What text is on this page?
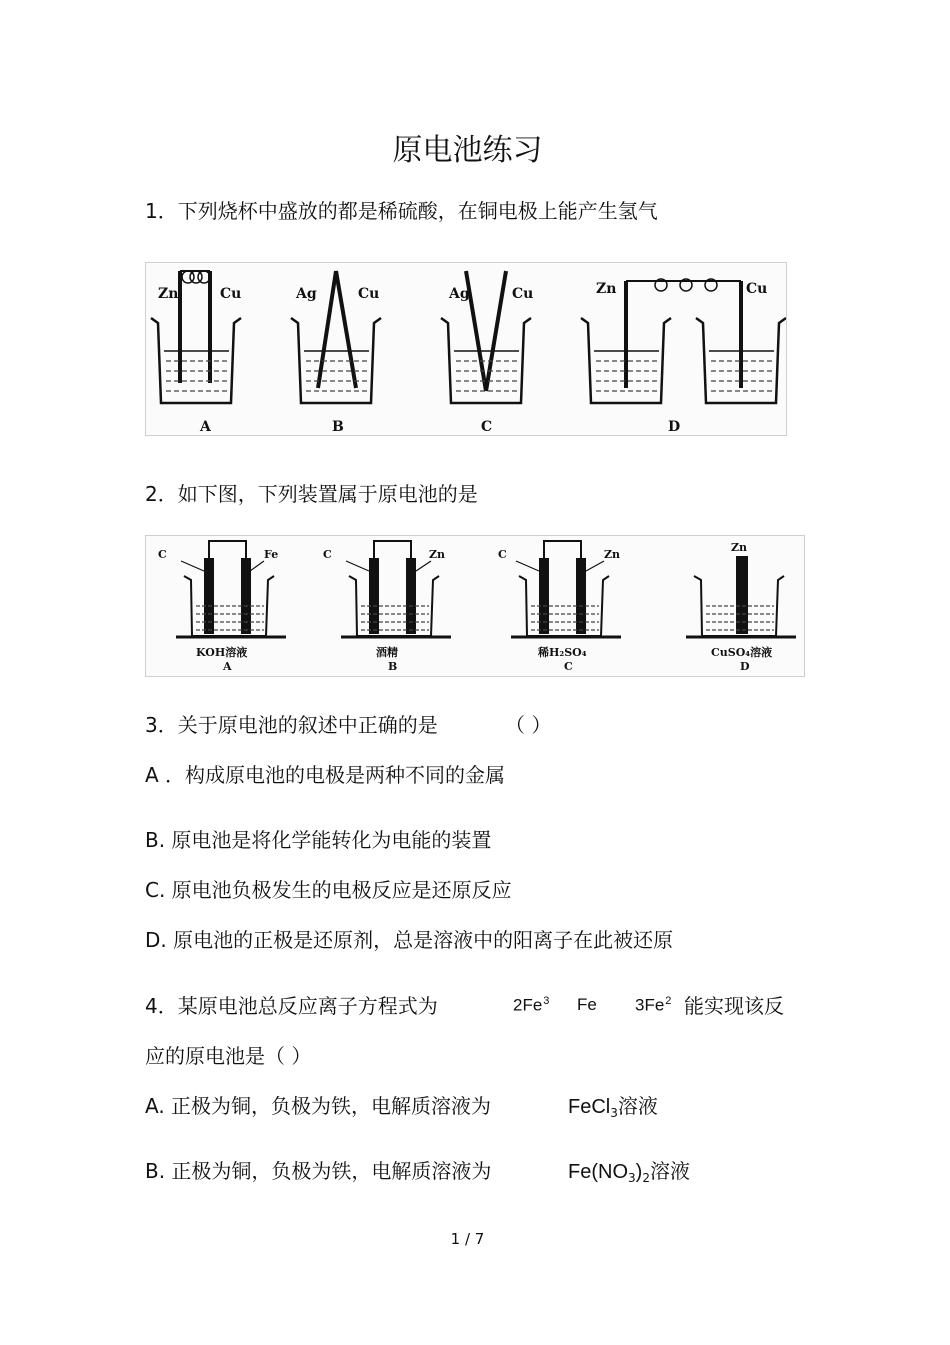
原电池练习
1．下列烧杯中盛放的都是稀硫酸，在铜电极上能产生氢气
Zn	Cu	Ag	Cu	Ag	Cu	Zn	Cu
A	B	C	D
2．如下图，下列装置属于原电池的是
C	Fe	C	Zn	C	Zn
Zn
KOH溶液	酒精	稀H₂SO₄	CuSO₄溶液
A	B	C	D
3．关于原电池的叙述中正确的是	（ ）
A ．构成原电池的电极是两种不同的金属
B. 原电池是将化学能转化为电能的装置
C. 原电池负极发生的电极反应是还原反应
D. 原电池的正极是还原剂，总是溶液中的阳离子在此被还原
4．某原电池总反应离子方程式为	2Fe$^3$ Fe 3Fe$^2$ 能实现该反
应的原电池是（ ）
A. 正极为铜，负极为铁，电解质溶液为	FeCl$_3$溶液
B. 正极为铜，负极为铁，电解质溶液为	$Fe(NO_3)_2$溶液
1 / 7
